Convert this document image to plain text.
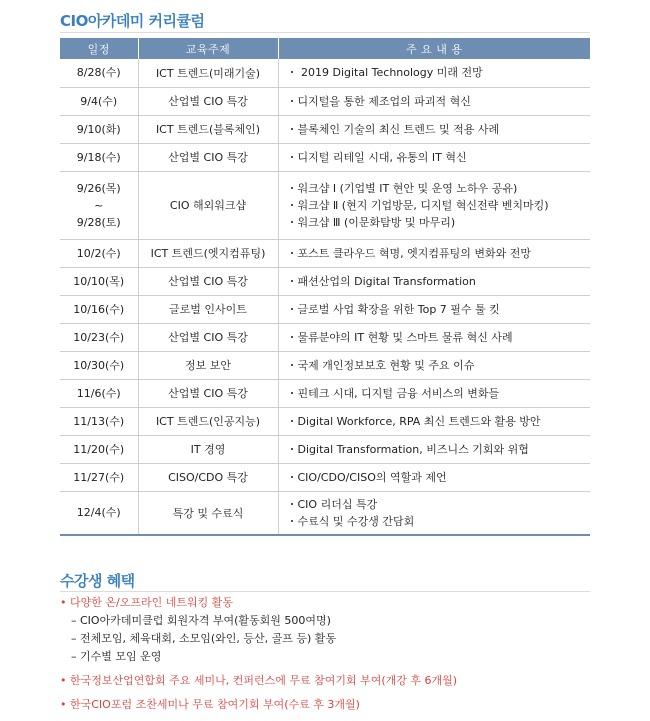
CIO아카데미 커리큘럼
일정	교육주제	주 요 내 용

8/28(수)	ICT 트렌드(미래기술)	・ 2019 Digital Technology 미래 전망

9/4(수)	산업별 CIO 특강	・디지털을 통한 제조업의 파괴적 혁신

9/10(화)	ICT 트렌드(블록체인)	・블록체인 기술의 최신 트렌드 및 적용 사례

9/18(수)	산업별 CIO 특강	・디지털 리테일 시대, 유통의 IT 혁신

9/26(목)
~
9/28(토)	CIO 해외워크샵	・워크샵 Ⅰ (기업별 IT 현안 및 운영 노하우 공유)
・워크샵 Ⅱ (현지 기업방문, 디지털 혁신전략 벤치마킹)
・워크샵 Ⅲ (이문화탐방 및 마무리)

10/2(수)	ICT 트렌드(엣지컴퓨팅)	・포스트 클라우드 혁명, 엣지컴퓨팅의 변화와 전망

10/10(목)	산업별 CIO 특강	・패션산업의 Digital Transformation

10/16(수)	글로벌 인사이트	・글로벌 사업 확장을 위한 Top 7 필수 툴 킷

10/23(수)	산업별 CIO 특강	・물류분야의 IT 현황 및 스마트 물류 혁신 사례

10/30(수)	정보 보안	・국제 개인정보보호 현황 및 주요 이슈

11/6(수)	산업별 CIO 특강	・핀테크 시대, 디지털 금융 서비스의 변화들

11/13(수)	ICT 트렌드(인공지능)	・Digital Workforce, RPA 최신 트렌드와 활용 방안

11/20(수)	IT 경영	・Digital Transformation, 비즈니스 기회와 위협

11/27(수)	CISO/CDO 특강	・CIO/CDO/CISO의 역할과 제언

12/4(수)	특강 및 수료식	・CIO 리더십 특강
・수료식 및 수강생 간담회
수강생 혜택
• 다양한 온/오프라인 네트워킹 활동
– CIO아카데미클럽 회원자격 부여(활동회원 500여명)
– 전체모임, 체육대회, 소모임(와인, 등산, 골프 등) 활동
– 기수별 모임 운영
• 한국정보산업연합회 주요 세미나, 컨퍼런스에 무료 참여기회 부여(개강 후 6개월)
• 한국CIO포럼 조찬세미나 무료 참여기회 부여(수료 후 3개월)
